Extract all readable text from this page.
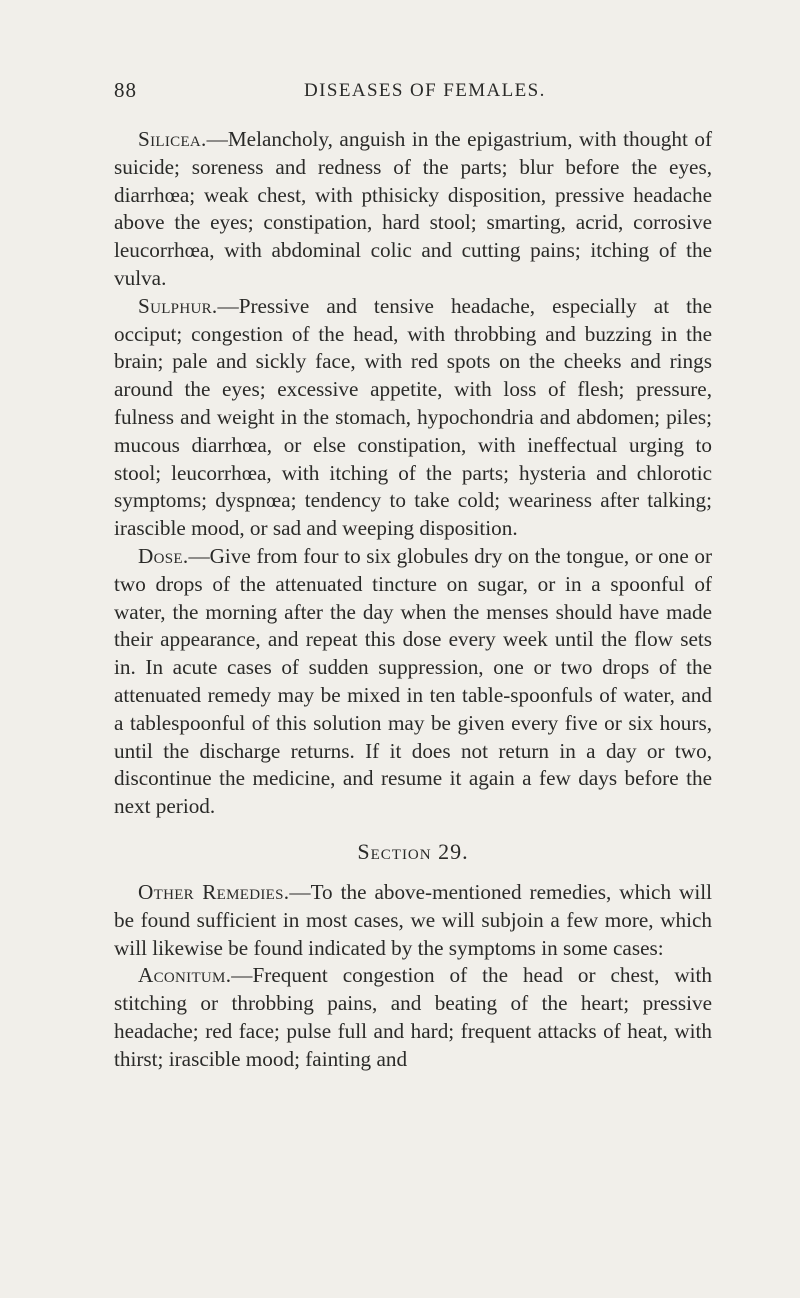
88	DISEASES OF FEMALES.

Silicea.—Melancholy, anguish in the epigastrium, with thought of suicide; soreness and redness of the parts; blur before the eyes, diarrhœa; weak chest, with pthisicky disposition, pressive headache above the eyes; constipation, hard stool; smarting, acrid, corrosive leucorrhœa, with abdominal colic and cutting pains; itching of the vulva.

Sulphur.—Pressive and tensive headache, especially at the occiput; congestion of the head, with throbbing and buzzing in the brain; pale and sickly face, with red spots on the cheeks and rings around the eyes; excessive appetite, with loss of flesh; pressure, fulness and weight in the stomach, hypochondria and abdomen; piles; mucous diarrhœa, or else constipation, with ineffectual urging to stool; leucorrhœa, with itching of the parts; hysteria and chlorotic symptoms; dyspnœa; tendency to take cold; weariness after talking; irascible mood, or sad and weeping disposition.

Dose.—Give from four to six globules dry on the tongue, or one or two drops of the attenuated tincture on sugar, or in a spoonful of water, the morning after the day when the menses should have made their appearance, and repeat this dose every week until the flow sets in. In acute cases of sudden suppression, one or two drops of the attenuated remedy may be mixed in ten table-spoonfuls of water, and a tablespoonful of this solution may be given every five or six hours, until the discharge returns. If it does not return in a day or two, discontinue the medicine, and resume it again a few days before the next period.

Section 29.

Other Remedies.—To the above-mentioned remedies, which will be found sufficient in most cases, we will subjoin a few more, which will likewise be found indicated by the symptoms in some cases:

Aconitum.—Frequent congestion of the head or chest, with stitching or throbbing pains, and beating of the heart; pressive headache; red face; pulse full and hard; frequent attacks of heat, with thirst; irascible mood; fainting and
